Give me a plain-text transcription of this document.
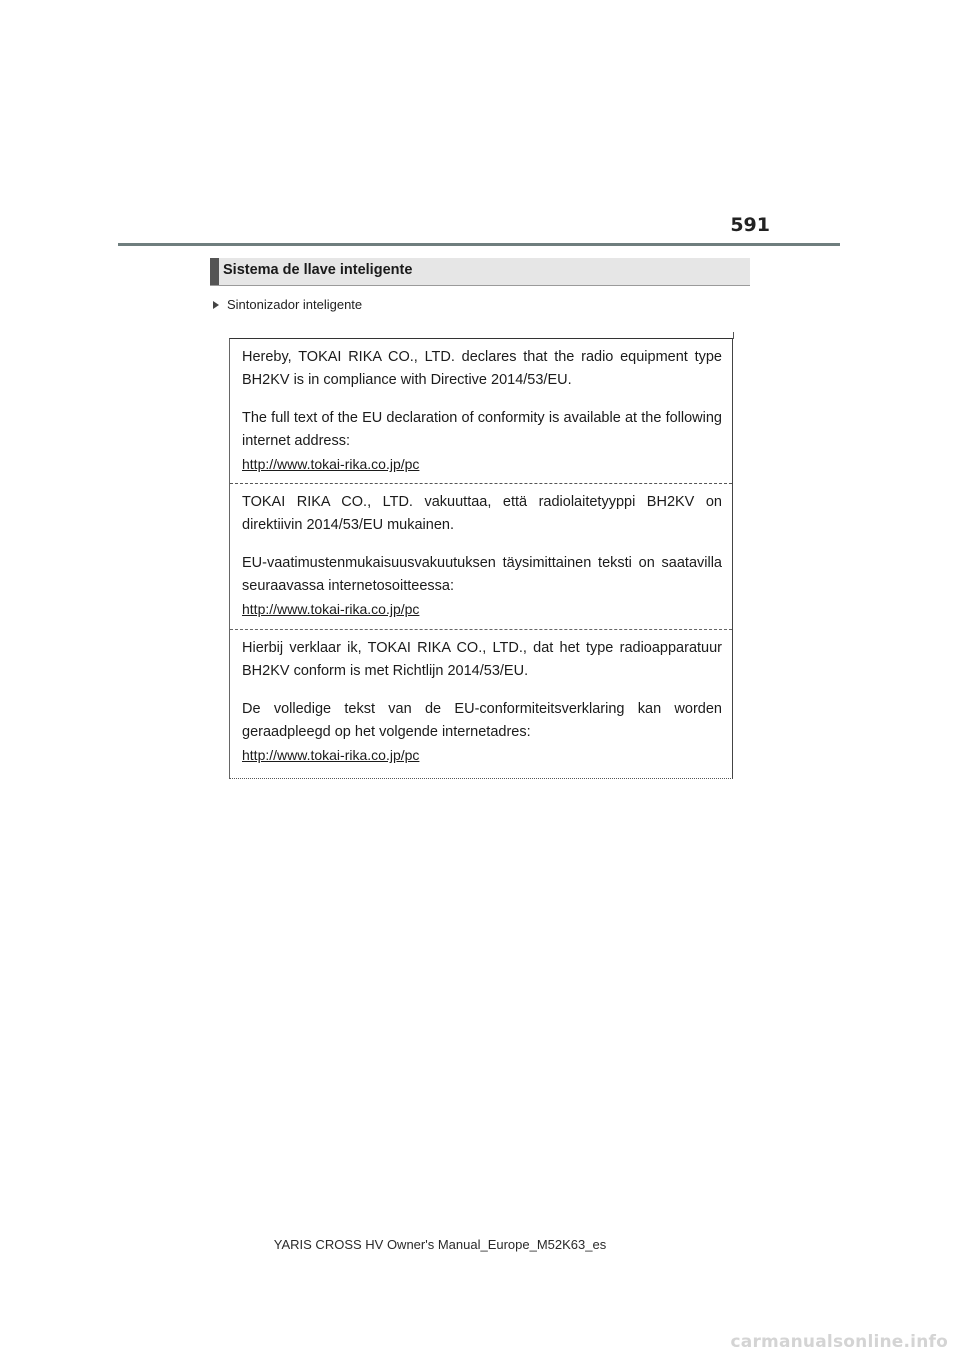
591
Sistema de llave inteligente
Sintonizador inteligente

Hereby, TOKAI RIKA CO., LTD. declares that the radio equipment type BH2KV is in compliance with Directive 2014/53/EU.

The full text of the EU declaration of conformity is available at the following internet address:

http://www.tokai-rika.co.jp/pc

TOKAI RIKA CO., LTD. vakuuttaa, että radiolaitetyyppi BH2KV on direktiivin 2014/53/EU mukainen.

EU-vaatimustenmukaisuusvakuutuksen täysimittainen teksti on saatavilla seuraavassa internetosoitteessa:

http://www.tokai-rika.co.jp/pc

Hierbij verklaar ik, TOKAI RIKA CO., LTD., dat het type radioapparatuur BH2KV conform is met Richtlijn 2014/53/EU.

De volledige tekst van de EU-conformiteitsverklaring kan worden geraadpleegd op het volgende internetadres:

http://www.tokai-rika.co.jp/pc
YARIS CROSS HV Owner's Manual_Europe_M52K63_es
carmanualsonline.info
